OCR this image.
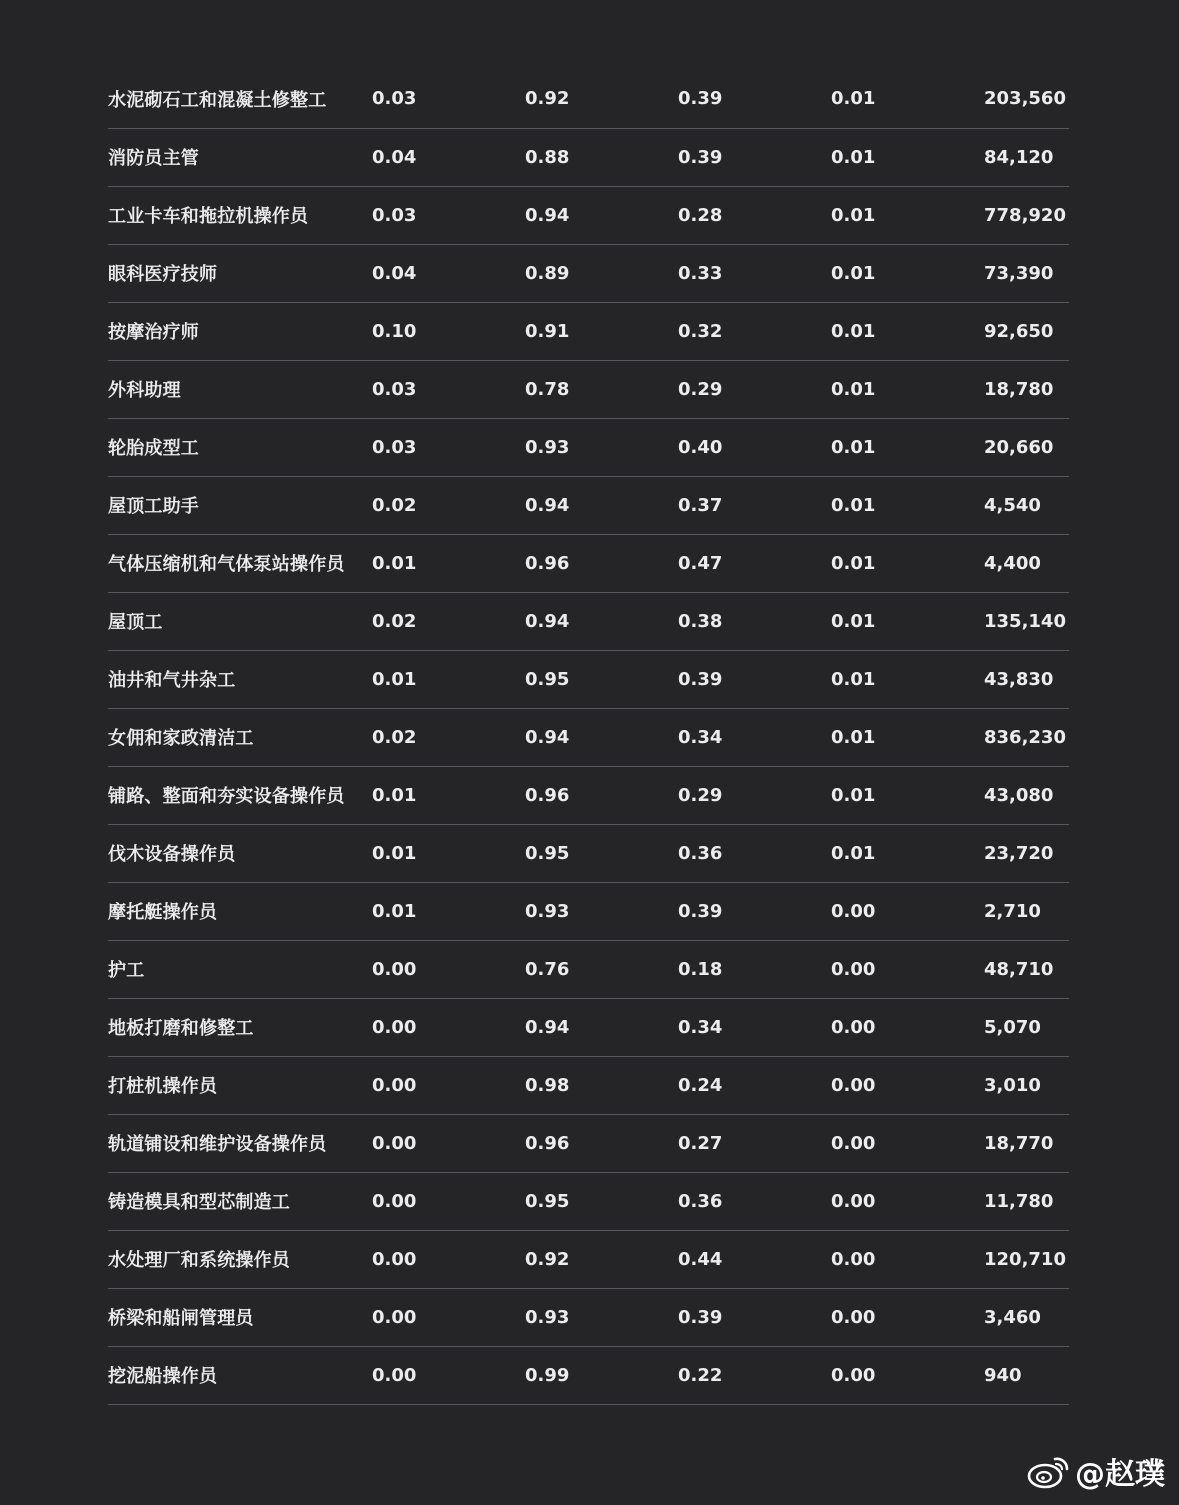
水泥砌石工和混凝土修整工	0.03	0.92	0.39	0.01	203,560
消防员主管	0.04	0.88	0.39	0.01	84,120
工业卡车和拖拉机操作员	0.03	0.94	0.28	0.01	778,920
眼科医疗技师	0.04	0.89	0.33	0.01	73,390
按摩治疗师	0.10	0.91	0.32	0.01	92,650
外科助理	0.03	0.78	0.29	0.01	18,780
轮胎成型工	0.03	0.93	0.40	0.01	20,660
屋顶工助手	0.02	0.94	0.37	0.01	4,540
气体压缩机和气体泵站操作员	0.01	0.96	0.47	0.01	4,400
屋顶工	0.02	0.94	0.38	0.01	135,140
油井和气井杂工	0.01	0.95	0.39	0.01	43,830
女佣和家政清洁工	0.02	0.94	0.34	0.01	836,230
铺路、整面和夯实设备操作员	0.01	0.96	0.29	0.01	43,080
伐木设备操作员	0.01	0.95	0.36	0.01	23,720
摩托艇操作员	0.01	0.93	0.39	0.00	2,710
护工	0.00	0.76	0.18	0.00	48,710
地板打磨和修整工	0.00	0.94	0.34	0.00	5,070
打桩机操作员	0.00	0.98	0.24	0.00	3,010
轨道铺设和维护设备操作员	0.00	0.96	0.27	0.00	18,770
铸造模具和型芯制造工	0.00	0.95	0.36	0.00	11,780
水处理厂和系统操作员	0.00	0.92	0.44	0.00	120,710
桥梁和船闸管理员	0.00	0.93	0.39	0.00	3,460
挖泥船操作员	0.00	0.99	0.22	0.00	940
@赵璞
